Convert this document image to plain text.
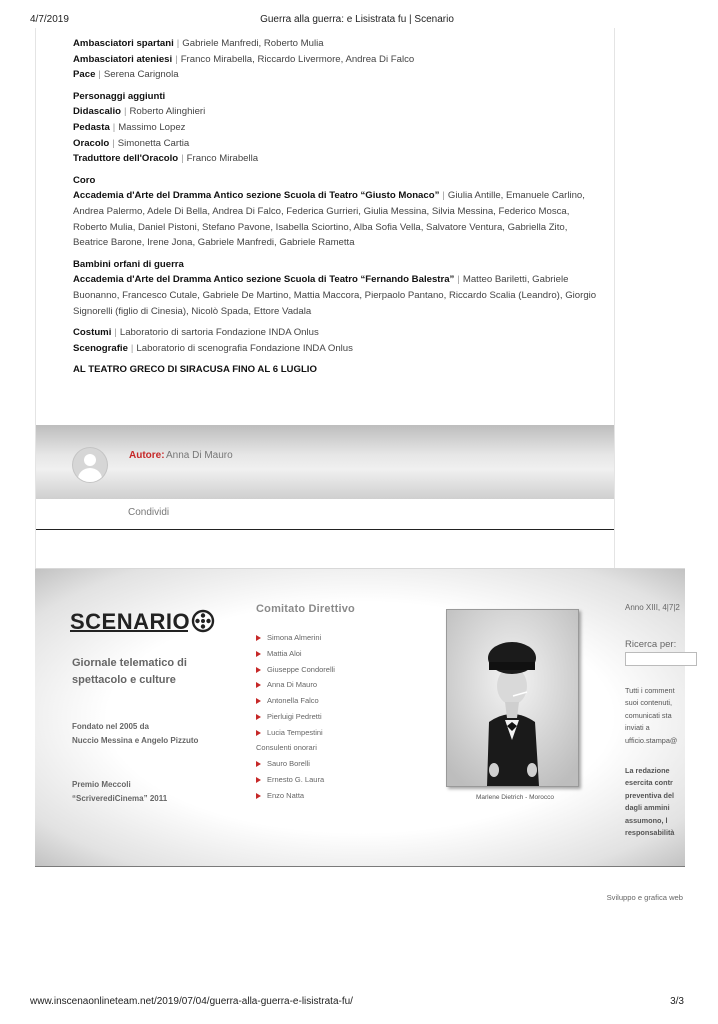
4/7/2019	Guerra alla guerra: e Lisistrata fu | Scenario
Ambasciatori spartani | Gabriele Manfredi, Roberto Mulia
Ambasciatori ateniesi | Franco Mirabella, Riccardo Livermore, Andrea Di Falco
Pace | Serena Carignola
Personaggi aggiunti
Didascalio | Roberto Alinghieri
Pedasta | Massimo Lopez
Oracolo | Simonetta Cartia
Traduttore dell'Oracolo | Franco Mirabella
Coro
Accademia d'Arte del Dramma Antico sezione Scuola di Teatro “Giusto Monaco” | Giulia Antille, Emanuele Carlino, Andrea Palermo, Adele Di Bella, Andrea Di Falco, Federica Gurrieri, Giulia Messina, Silvia Messina, Federico Mosca, Roberto Mulia, Daniel Pistoni, Stefano Pavone, Isabella Sciortino, Alba Sofia Vella, Salvatore Ventura, Gabriella Zito, Beatrice Barone, Irene Jona, Gabriele Manfredi, Gabriele Rametta
Bambini orfani di guerra
Accademia d'Arte del Dramma Antico sezione Scuola di Teatro “Fernando Balestra” | Matteo Bariletti, Gabriele Buonanno, Francesco Cutale, Gabriele De Martino, Mattia Maccora, Pierpaolo Pantano, Riccardo Scalia (Leandro), Giorgio Signorelli (figlio di Cinesia), Nicolò Spada, Ettore Vadala
Costumi | Laboratorio di sartoria Fondazione INDA Onlus
Scenografie | Laboratorio di scenografia Fondazione INDA Onlus
AL TEATRO GRECO DI SIRACUSA FINO AL 6 LUGLIO
Autore: Anna Di Mauro
Condividi
SCENARIO
Giornale telematico di spettacolo e culture
Fondato nel 2005 da
Nuccio Messina e Angelo Pizzuto
Premio Meccoli
“ScriverediCinema” 2011
Comitato Direttivo
Simona Almerini
Mattia Aloi
Giuseppe Condorelli
Anna Di Mauro
Antonella Falco
Pierluigi Pedretti
Lucia Tempestini
Consulenti onorari
Sauro Borelli
Ernesto G. Laura
Enzo Natta	Marlene Dietrich - Morocco
Anno XIII, 4|7|2
Ricerca per:
Tutti i comment
suoi contenuti,
comunicati sta
inviati a
ufficio.stampa@
La redazione
esercita contr
preventiva del
dagli ammini
assumono, l
responsabilità
Sviluppo e grafica web
www.inscenaonlineteam.net/2019/07/04/guerra-alla-guerra-e-lisistrata-fu/	3/3
